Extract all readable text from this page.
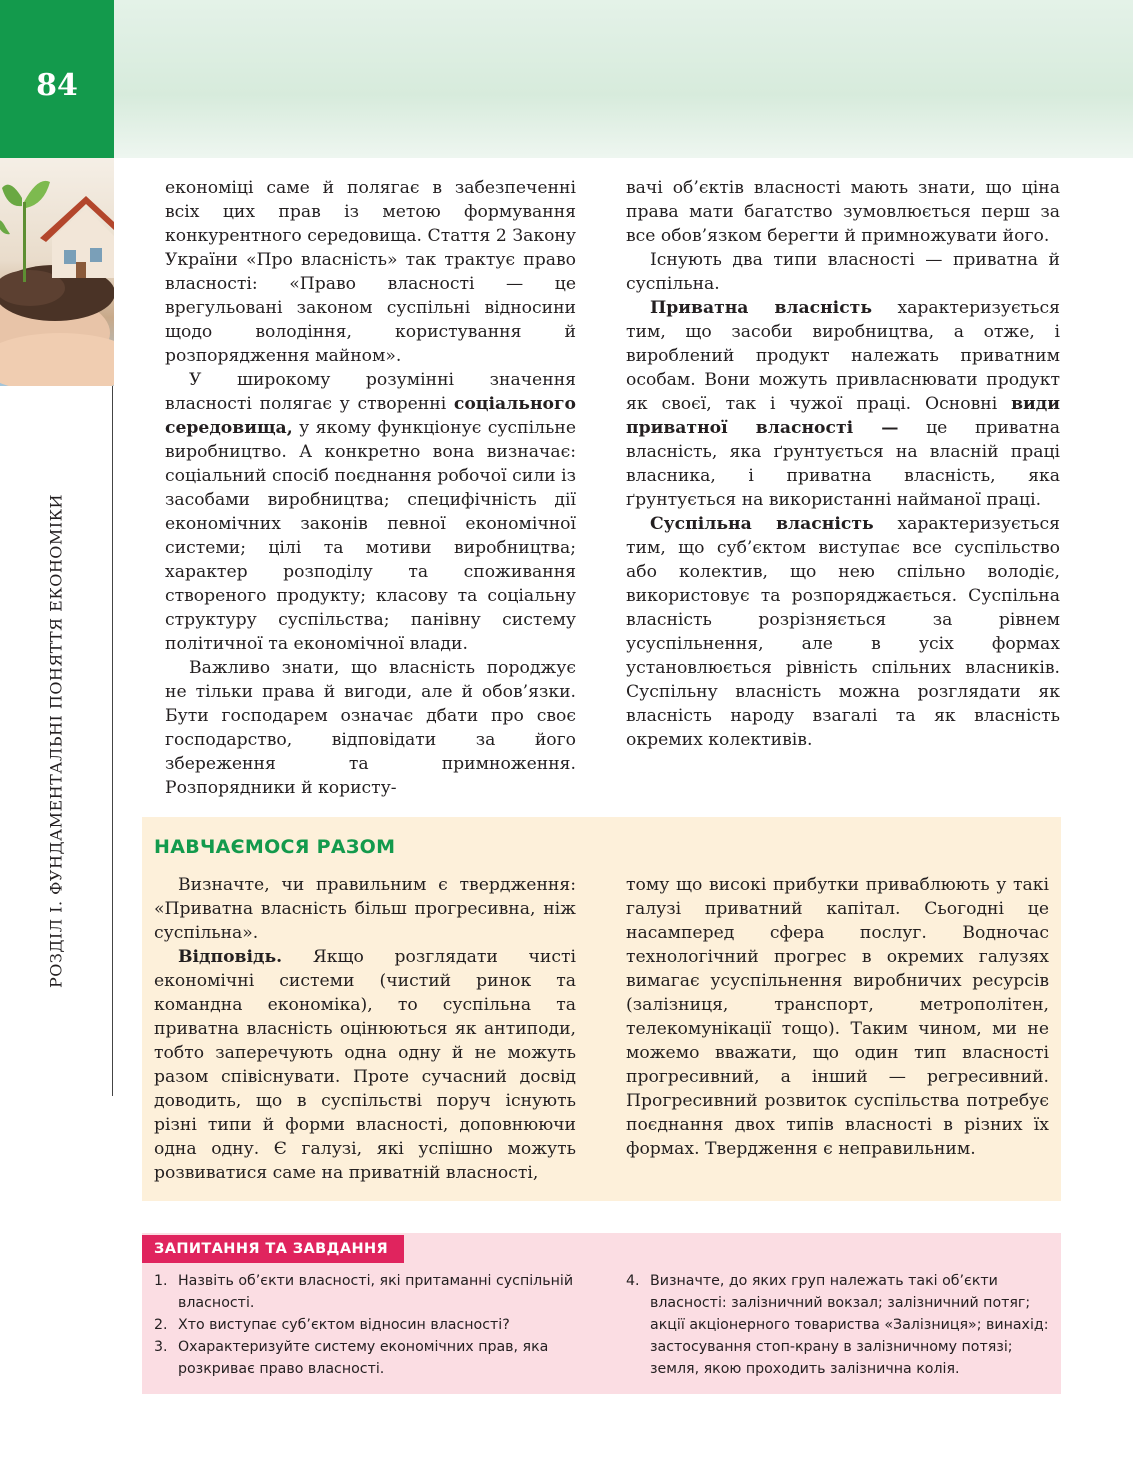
84
РОЗДІЛ І. ФУНДАМЕНТАЛЬНІ ПОНЯТТЯ ЕКОНОМІКИ

економіці саме й полягає в забезпеченні всіх цих прав із метою формування конкурентного середовища. Стаття 2 Закону України «Про власність» так трактує право власності: «Право власності — це врегульовані законом суспільні відносини щодо володіння, користування й розпорядження майном».

У широкому розумінні значення власності полягає у створенні соціального середовища, у якому функціонує суспільне виробництво. А конкретно вона визначає: соціальний спосіб поєднання робочої сили із засобами виробництва; специфічність дії економічних законів певної економічної системи; цілі та мотиви виробництва; характер розподілу та споживання створеного продукту; класову та соціальну структуру суспільства; панівну систему політичної та економічної влади.

Важливо знати, що власність породжує не тільки права й вигоди, але й обов’язки. Бути господарем означає дбати про своє господарство, відповідати за його збереження та примноження. Розпорядники й користу-

вачі об’єктів власності мають знати, що ціна права мати багатство зумовлюється перш за все обов’язком берегти й примножувати його.

Існують два типи власності — приватна й суспільна.

Приватна власність характеризується тим, що засоби виробництва, а отже, і вироблений продукт належать приватним особам. Вони можуть привласнювати продукт як своєї, так і чужої праці. Основні види приватної власності — це приватна власність, яка ґрунтується на власній праці власника, і приватна власність, яка ґрунтується на використанні найманої праці.

Суспільна власність характеризується тим, що суб’єктом виступає все суспільство або колектив, що нею спільно володіє, використовує та розпоряджається. Суспільна власність розрізняється за рівнем усуспільнення, але в усіх формах установлюється рівність спільних власників. Суспільну власність можна розглядати як власність народу взагалі та як власність окремих колективів.

НАВЧАЄМОСЯ РАЗОМ

Визначте, чи правильним є твердження: «Приватна власність більш прогресивна, ніж суспільна».

Відповідь. Якщо розглядати чисті економічні системи (чистий ринок та командна економіка), то суспільна та приватна власність оцінюються як антиподи, тобто заперечують одна одну й не можуть разом співіснувати. Проте сучасний досвід доводить, що в суспільстві поруч існують різні типи й форми власності, доповнюючи одна одну. Є галузі, які успішно можуть розвиватися саме на приватній власності,

тому що високі прибутки приваблюють у такі галузі приватний капітал. Сьогодні це насамперед сфера послуг. Водночас технологічний прогрес в окремих галузях вимагає усуспільнення виробничих ресурсів (залізниця, транспорт, метрополітен, телекомунікації тощо). Таким чином, ми не можемо вважати, що один тип власності прогресивний, а інший — регресивний. Прогресивний розвиток суспільства потребує поєднання двох типів власності в різних їх формах. Твердження є неправильним.

ЗАПИТАННЯ ТА ЗАВДАННЯ
1. Назвіть об’єкти власності, які притаманні суспільній власності.
2. Хто виступає суб’єктом відносин власності?
3. Охарактеризуйте систему економічних прав, яка розкриває право власності.
4. Визначте, до яких груп належать такі об’єкти власності: залізничний вокзал; залізничний потяг; акції акціонерного товариства «Залізниця»; винахід: застосування стоп-крану в залізничному потязі; земля, якою проходить залізнична колія.
